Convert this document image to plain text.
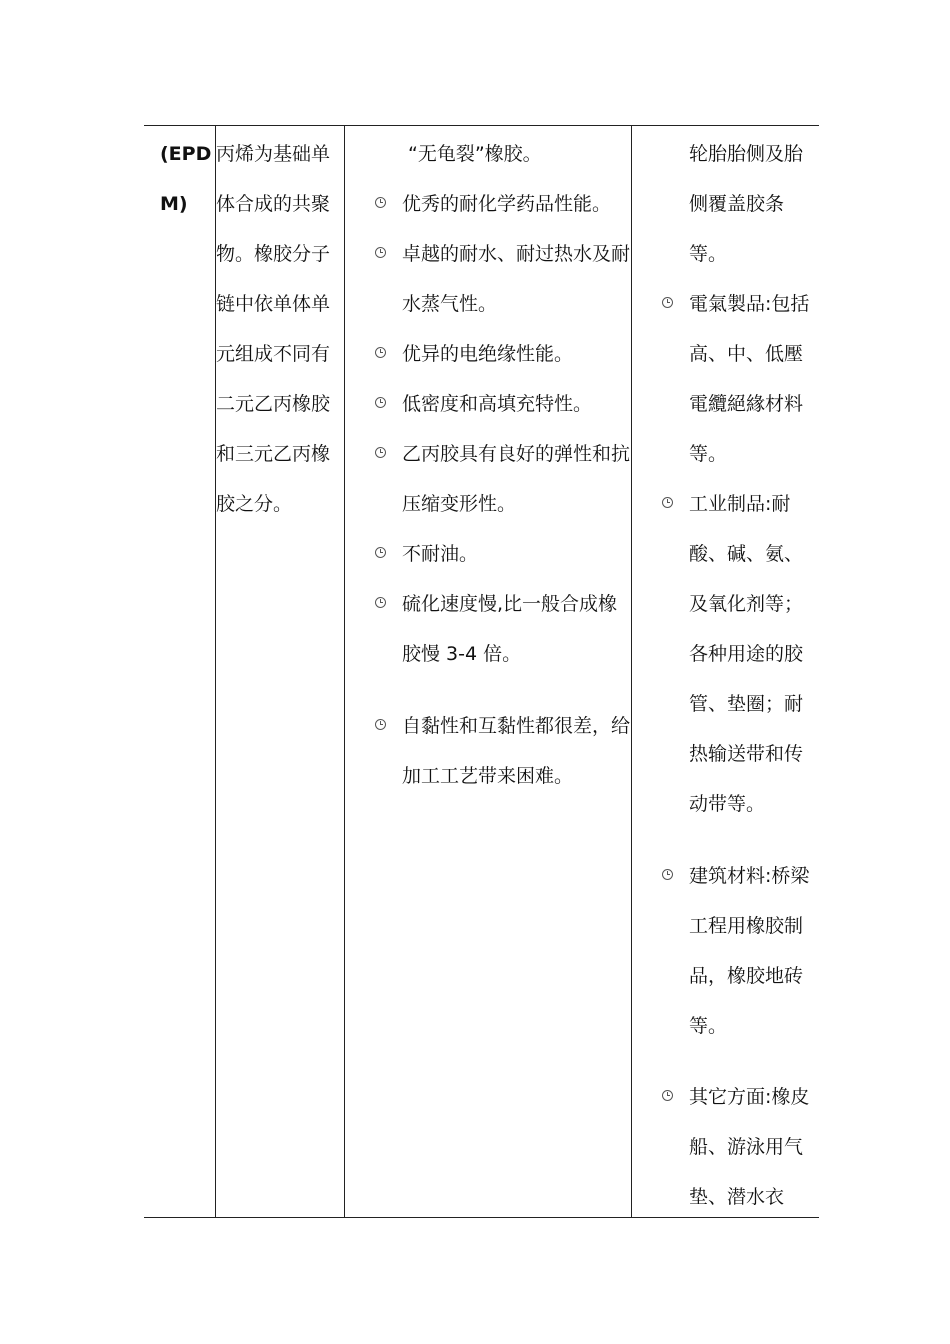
(EPD
M)
丙烯为基础单
体合成的共聚
物。橡胶分子
链中依单体单
元组成不同有
二元乙丙橡胶
和三元乙丙橡
胶之分。
“无龟裂”橡胶。
优秀的耐化学药品性能。
卓越的耐水、耐过热水及耐
水蒸气性。
优异的电绝缘性能。
低密度和高填充特性。
乙丙胶具有良好的弹性和抗
压缩变形性。
不耐油。
硫化速度慢,比一般合成橡
胶慢 3-4 倍。
自黏性和互黏性都很差，给
加工工艺带来困难。
轮胎胎侧及胎
侧覆盖胶条
等。
電氣製品:包括
高、中、低壓
電纜絕緣材料
等。
工业制品:耐
酸、碱、氨、
及氧化剂等；
各种用途的胶
管、垫圈；耐
热输送带和传
动带等。
建筑材料:桥梁
工程用橡胶制
品，橡胶地砖
等。
其它方面:橡皮
船、游泳用气
垫、潜水衣
